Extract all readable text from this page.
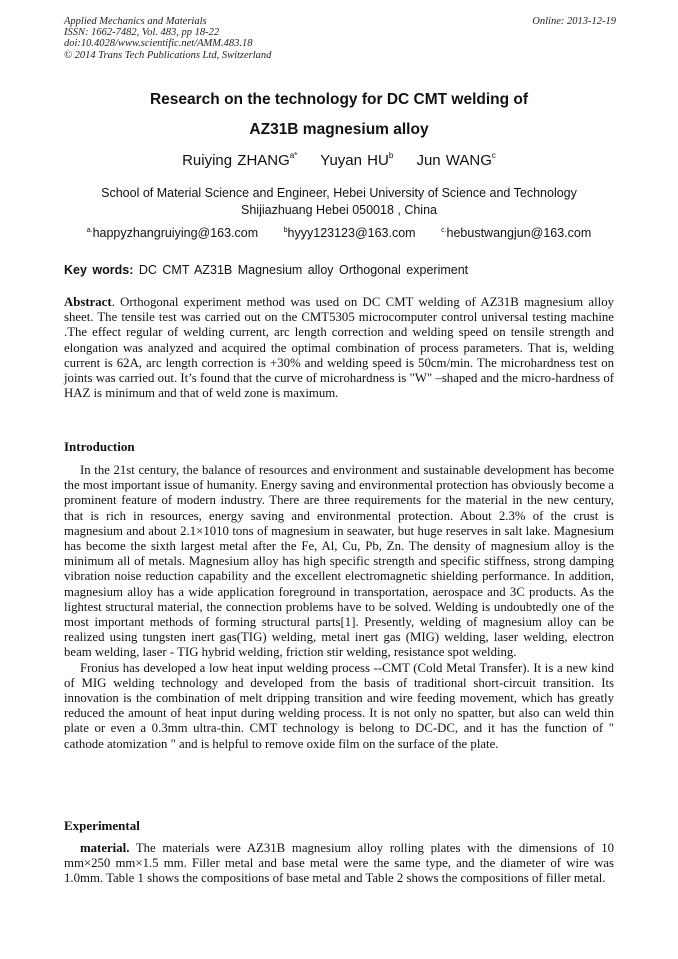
Applied Mechanics and Materials
ISSN: 1662-7482, Vol. 483, pp 18-22
doi:10.4028/www.scientific.net/AMM.483.18
© 2014 Trans Tech Publications Ltd, Switzerland
Online: 2013-12-19
Research on the technology for DC CMT welding of
AZ31B magnesium alloy
Ruiying $ZHANG^{a*}$ Yuyan $HU^b$ Jun WANG$^c$
School of Material Science and Engineer, Hebei University of Science and Technology
Shijiazhuang Hebei 050018 , China
$^{a.}$happyzhangruiying@163.com	$^b$hyyy123123@163.com	$^{c.}$hebustwangjun@163.com
Key words: DC CMT AZ31B Magnesium alloy Orthogonal experiment

Abstract. Orthogonal experiment method was used on DC CMT welding of AZ31B magnesium alloy sheet. The tensile test was carried out on the CMT5305 microcomputer control universal testing machine .The effect regular of welding current, arc length correction and welding speed on tensile strength and elongation was analyzed and acquired the optimal combination of process parameters. That is, welding current is 62A, arc length correction is +30% and welding speed is 50cm/min. The microhardness test on joints was carried out. It’s found that the curve of microhardness is "W" –shaped and the micro-hardness of HAZ is minimum and that of weld zone is maximum.

Introduction

In the 21st century, the balance of resources and environment and sustainable development has become the most important issue of humanity. Energy saving and environmental protection has obviously become a prominent feature of modern industry. There are three requirements for the material in the new century, that is rich in resources, energy saving and environmental protection. About 2.3% of the crust is magnesium and about 2.1×1010 tons of magnesium in seawater, but huge reserves in salt lake. Magnesium has become the sixth largest metal after the Fe, Al, Cu, Pb, Zn. The density of magnesium alloy is the minimum all of metals. Magnesium alloy has high specific strength and specific stiffness, strong damping vibration noise reduction capability and the excellent electromagnetic shielding performance. In addition, magnesium alloy has a wide application foreground in transportation, aerospace and 3C products. As the lightest structural material, the connection problems have to be solved. Welding is undoubtedly one of the most important methods of forming structural parts[1]. Presently, welding of magnesium alloy can be realized using tungsten inert gas(TIG) welding, metal inert gas (MIG) welding, laser welding, electron beam welding, laser - TIG hybrid welding, friction stir welding, resistance spot welding.

Fronius has developed a low heat input welding process --CMT (Cold Metal Transfer). It is a new kind of MIG welding technology and developed from the basis of traditional short-circuit transition. Its innovation is the combination of melt dripping transition and wire feeding movement, which has greatly reduced the amount of heat input during welding process. It is not only no spatter, but also can weld thin plate or even a 0.3mm ultra-thin. CMT technology is belong to DC-DC, and it has the function of " cathode atomization " and is helpful to remove oxide film on the surface of the plate.

Experimental

material. The materials were AZ31B magnesium alloy rolling plates with the dimensions of 10 mm×250 mm×1.5 mm. Filler metal and base metal were the same type, and the diameter of wire was 1.0mm. Table 1 shows the compositions of base metal and Table 2 shows the compositions of filler metal.
